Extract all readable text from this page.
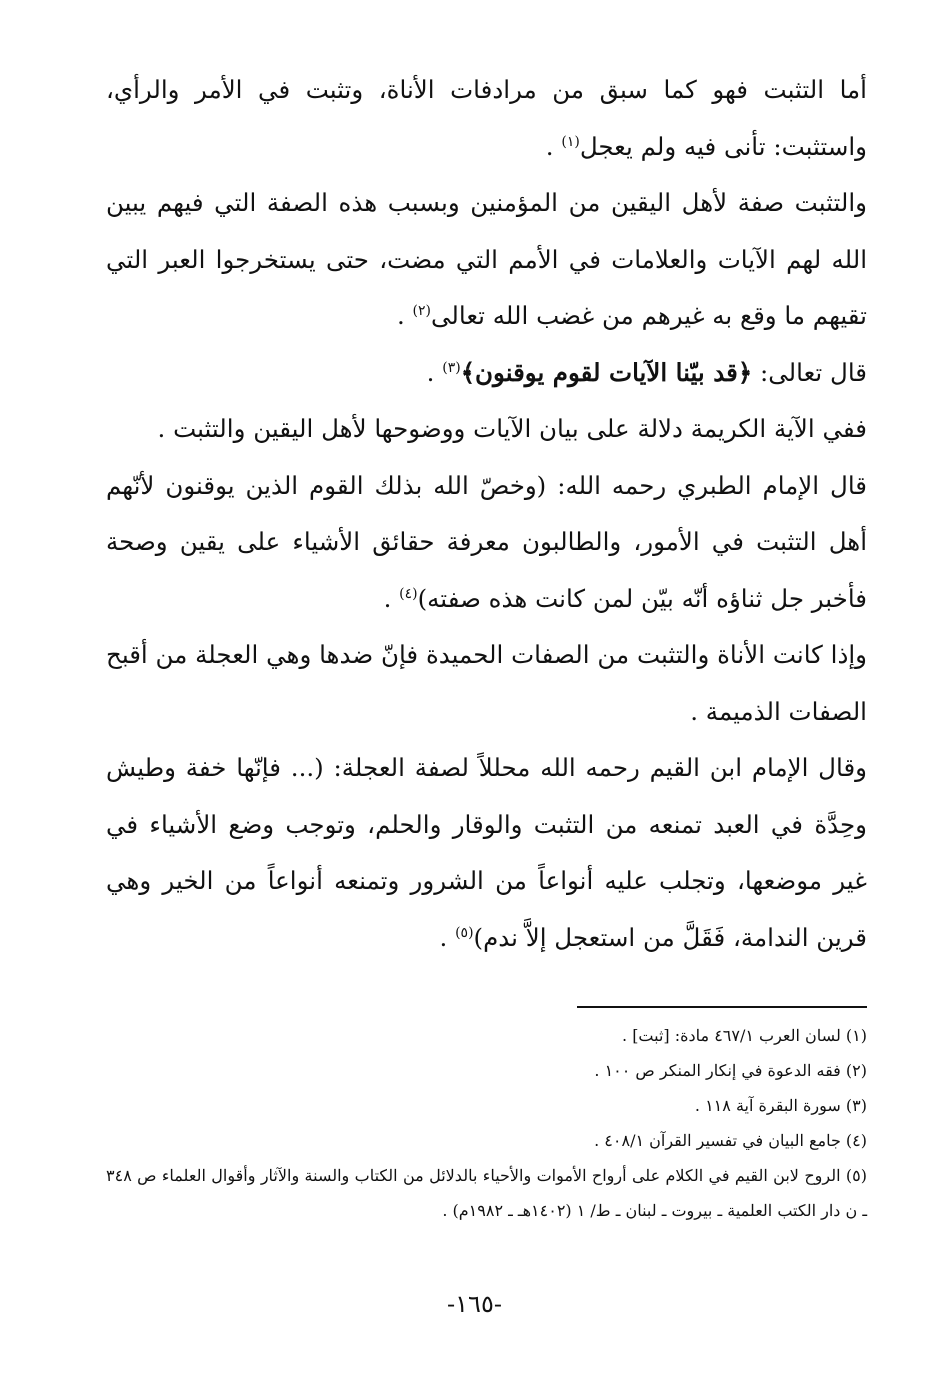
أما التثبت فهو كما سبق من مرادفات الأناة، وتثبت في الأمر والرأي، واستثبت: تأنى فيه ولم يعجل$^{(١)}$ .

والتثبت صفة لأهل اليقين من المؤمنين وبسبب هذه الصفة التي فيهم يبين الله لهم الآيات والعلامات في الأمم التي مضت، حتى يستخرجوا العبر التي تقيهم ما وقع به غيرهم من غضب الله تعالى$^{(٢)}$ .

قال تعالى: ﴿قد بيّنا الآيات لقوم يوقنون﴾$^{(٣)}$ .

ففي الآية الكريمة دلالة على بيان الآيات ووضوحها لأهل اليقين والتثبت .

قال الإمام الطبري رحمه الله: (وخصّ الله بذلك القوم الذين يوقنون لأنّهم أهل التثبت في الأمور، والطالبون معرفة حقائق الأشياء على يقين وصحة فأخبر جل ثناؤه أنّه بيّن لمن كانت هذه صفته)$^{(٤)}$ .

وإذا كانت الأناة والتثبت من الصفات الحميدة فإنّ ضدها وهي العجلة من أقبح الصفات الذميمة .

وقال الإمام ابن القيم رحمه الله محللاً لصفة العجلة: (... فإنّها خفة وطيش وحِدَّة في العبد تمنعه من التثبت والوقار والحلم، وتوجب وضع الأشياء في غير موضعها، وتجلب عليه أنواعاً من الشرور وتمنعه أنواعاً من الخير وهي قرين الندامة، فَقَلَّ من استعجل إلاَّ ندم)$^{(٥)}$ .

(١) لسان العرب ٤٦٧/١ مادة: [ثبت] .

(٢) فقه الدعوة في إنكار المنكر ص ١٠٠ .

(٣) سورة البقرة آية ١١٨ .

(٤) جامع البيان في تفسير القرآن ٤٠٨/١ .

(٥) الروح لابن القيم في الكلام على أرواح الأموات والأحياء بالدلائل من الكتاب والسنة والآثار وأقوال العلماء ص ٣٤٨ ـ ن دار الكتب العلمية ـ بيروت ـ لبنان ـ ط/ ١ (١٤٠٢هـ ـ ١٩٨٢م) .

-١٦٥-
